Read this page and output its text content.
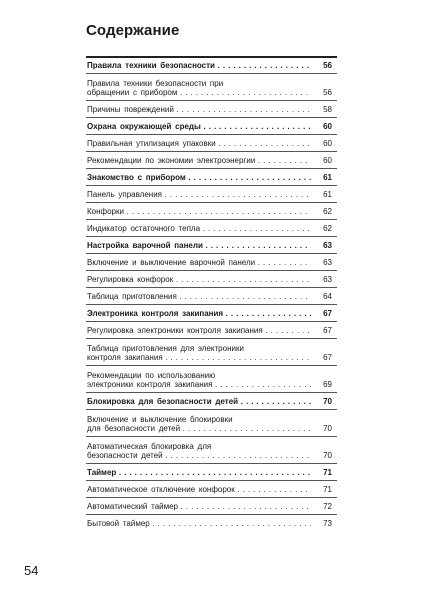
Содержание
Правила техники безопасности . . .	56
Правила техники безопасности при
обращении с прибором . . .	56
Причины повреждений . . .	58
Охрана окружающей среды . . .	60
Правильная утилизация упаковки . . .	60
Рекомендации по экономии электроэнергии . . .	60
Знакомство с прибором . . .	61
Панель управления . . .	61
Конфорки . . .	62
Индикатор остаточного тепла . . .	62
Настройка варочной панели . . .	63
Включение и выключение варочной панели . . .	63
Регулировка конфорок . . .	63
Таблица приготовления . . .	64
Электроника контроля закипания . . .	67
Регулировка электроники контроля закипания . . .	67
Таблица приготовления для электроники
контроля закипания . . .	67
Рекомендации по использованию
электроники контроля закипания . . .	69
Блокировка для безопасности детей . . .	70
Включение и выключение блокировки
для безопасности детей . . .	70
Автоматическая блокировка для
безопасности детей . . .	70
Таймер . . .	71
Автоматическое отключение конфорок . . .	71
Автоматический таймер . . .	72
Бытовой таймер . . .	73
54
